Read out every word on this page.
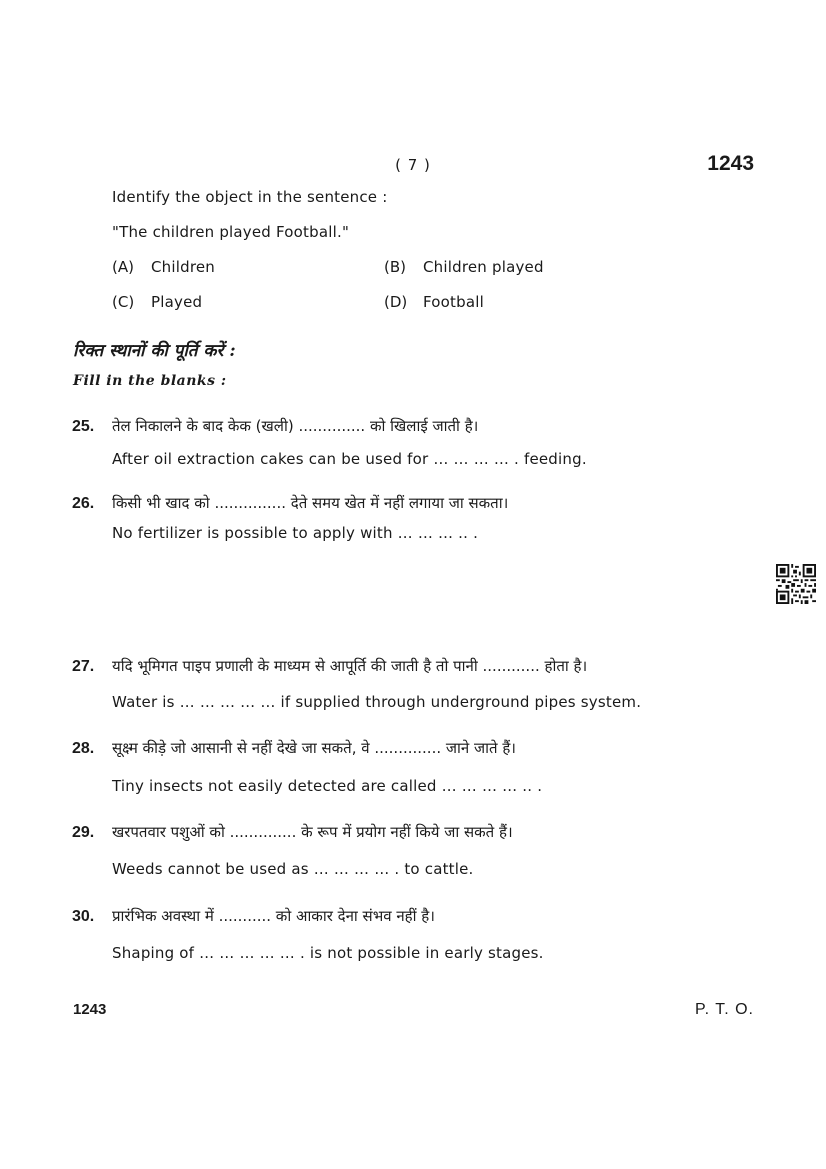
( 7 )	1243
Identify the object in the sentence :
"The children played Football."
(A) Children	(B) Children played
(C) Played	(D) Football
रिक्त स्थानों की पूर्ति करें :
Fill in the blanks :
25. तेल निकालने के बाद केक (खली) .............. को खिलाई जाती है।
After oil extraction cakes can be used for … … … … . feeding.
26. किसी भी खाद को ............... देते समय खेत में नहीं लगाया जा सकता।
No fertilizer is possible to apply with … … … .. .
27. यदि भूमिगत पाइप प्रणाली के माध्यम से आपूर्ति की जाती है तो पानी ............ होता है।
Water is … … … … … if supplied through underground pipes system.
28. सूक्ष्म कीड़े जो आसानी से नहीं देखे जा सकते, वे .............. जाने जाते हैं।
Tiny insects not easily detected are called … … … … .. .
29. खरपतवार पशुओं को .............. के रूप में प्रयोग नहीं किये जा सकते हैं।
Weeds cannot be used as … … … … . to cattle.
30. प्रारंभिक अवस्था में ........... को आकार देना संभव नहीं है।
Shaping of … … … … … . is not possible in early stages.
1243	P. T. O.
